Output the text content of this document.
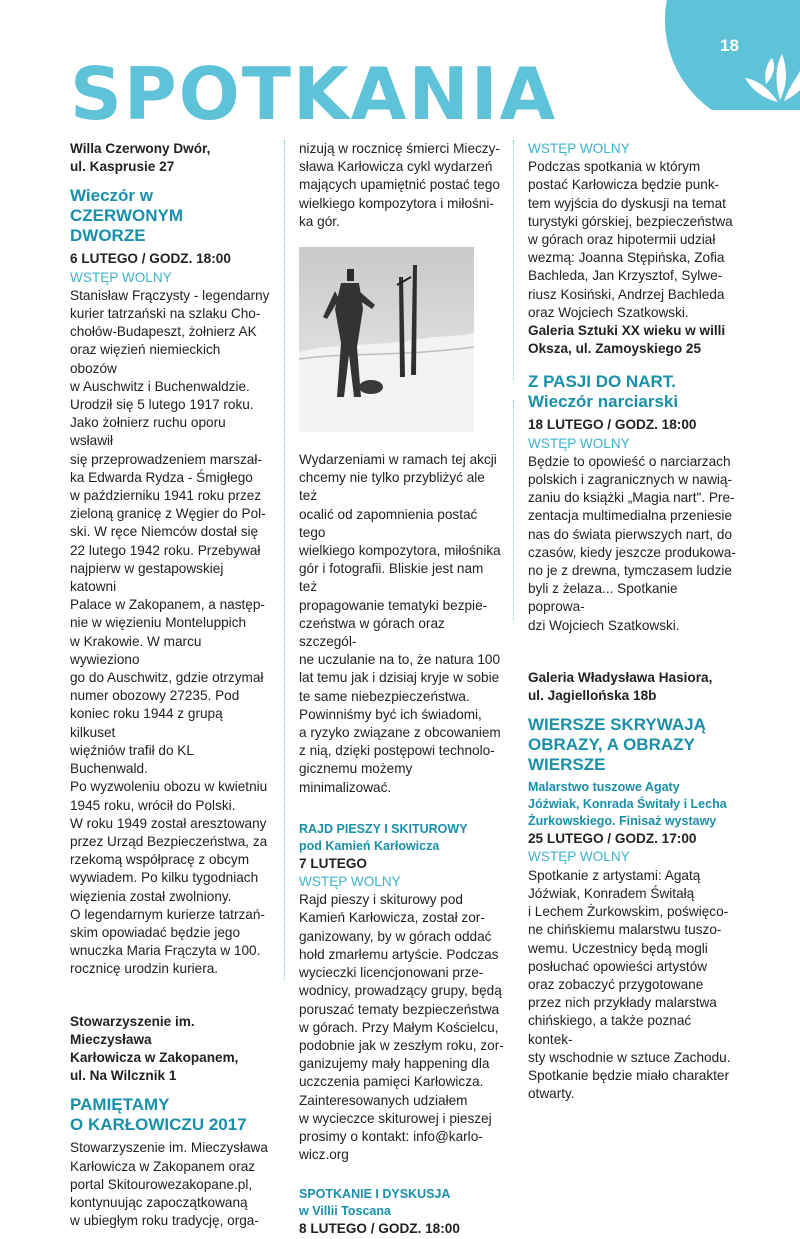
18
SPOTKANIA

Willa Czerwony Dwór,

ul. Kasprusie 27

Wieczór w CZERWONYM
DWORZE

6 LUTEGO / GODZ. 18:00

WSTĘP WOLNY

Stanisław Frączysty - legendarny

kurier tatrzański na szlaku Cho-

chołów-Budapeszt, żołnierz AK

oraz więzień niemieckich obozów

w Auschwitz i Buchenwaldzie.

Urodził się 5 lutego 1917 roku.

Jako żołnierz ruchu oporu wsławił

się przeprowadzeniem marszał-

ka Edwarda Rydza - Śmigłego

w październiku 1941 roku przez

zieloną granicę z Węgier do Pol-

ski. W ręce Niemców dostał się

22 lutego 1942 roku. Przebywał

najpierw w gestapowskiej katowni

Palace w Zakopanem, a następ-

nie w więzieniu Monteluppich

w Krakowie. W marcu wywieziono

go do Auschwitz, gdzie otrzymał

numer obozowy 27235. Pod

koniec roku 1944 z grupą kilkuset

więźniów trafił do KL Buchenwald.

Po wyzwoleniu obozu w kwietniu

1945 roku, wrócił do Polski.

W roku 1949 został aresztowany

przez Urząd Bezpieczeństwa, za

rzekomą współpracę z obcym

wywiadem. Po kilku tygodniach

więzienia został zwolniony.

O legendarnym kurierze tatrzań-

skim opowiadać będzie jego

wnuczka Maria Frączyta w 100.

rocznicę urodzin kuriera.

Stowarzyszenie im. Mieczysława

Karłowicza w Zakopanem,

ul. Na Wilcznik 1

PAMIĘTAMY
O KARŁOWICZU 2017

Stowarzyszenie im. Mieczysława

Karłowicza w Zakopanem oraz

portal Skitourowezakopane.pl,

kontynuując zapoczątkowaną

w ubiegłym roku tradycję, orga-

nizują w rocznicę śmierci Mieczy-

sława Karłowicza cykl wydarzeń

mających upamiętnić postać tego

wielkiego kompozytora i miłośni-

ka gór.

Wydarzeniami w ramach tej akcji

chcemy nie tylko przybliżyć ale też

ocalić od zapomnienia postać tego

wielkiego kompozytora, miłośnika

gór i fotografii. Bliskie jest nam też

propagowanie tematyki bezpie-

czeństwa w górach oraz szczegól-

ne uczulanie na to, że natura 100

lat temu jak i dzisiaj kryje w sobie

te same niebezpieczeństwa.

Powinniśmy być ich świadomi,

a ryzyko związane z obcowaniem

z nią, dzięki postępowi technolo-

gicznemu możemy minimalizować.

RAJD PIESZY I SKITUROWY

pod Kamień Karłowicza

7 LUTEGO

WSTĘP WOLNY

Rajd pieszy i skiturowy pod

Kamień Karłowicza, został zor-

ganizowany, by w górach oddać

hołd zmarłemu artyście. Podczas

wycieczki licencjonowani prze-

wodnicy, prowadzący grupy, będą

poruszać tematy bezpieczeństwa

w górach. Przy Małym Kościelcu,

podobnie jak w zeszłym roku, zor-

ganizujemy mały happening dla

uczczenia pamięci Karłowicza.

Zainteresowanych udziałem

w wycieczce skiturowej i pieszej

prosimy o kontakt: info@karlo-

wicz.org

SPOTKANIE I DYSKUSJA

w Villii Toscana

8 LUTEGO / GODZ. 18:00

WSTĘP WOLNY

Podczas spotkania w którym

postać Karłowicza będzie punk-

tem wyjścia do dyskusji na temat

turystyki górskiej, bezpieczeństwa

w górach oraz hipotermii udział

wezmą: Joanna Stępińska, Zofia

Bachleda, Jan Krzysztof, Sylwe-

riusz Kosiński, Andrzej Bachleda

oraz Wojciech Szatkowski.

Galeria Sztuki XX wieku w willi

Oksza, ul. Zamoyskiego 25

Z PASJI DO NART.
Wieczór narciarski

18 LUTEGO / GODZ. 18:00

WSTĘP WOLNY

Będzie to opowieść o narciarzach

polskich i zagranicznych w nawią-

zaniu do książki „Magia nart". Pre-

zentacja multimedialna przeniesie

nas do świata pierwszych nart, do

czasów, kiedy jeszcze produkowa-

no je z drewna, tymczasem ludzie

byli z żelaza... Spotkanie poprowa-

dzi Wojciech Szatkowski.

Galeria Władysława Hasiora,

ul. Jagiellońska 18b

WIERSZE SKRYWAJĄ
OBRAZY, A OBRAZY
WIERSZE

Malarstwo tuszowe Agaty

Jóźwiak, Konrada Świtały i Lecha

Żurkowskiego. Finisaż wystawy

25 LUTEGO / GODZ. 17:00

WSTĘP WOLNY

Spotkanie z artystami: Agatą

Jóźwiak, Konradem Świtałą

i Lechem Żurkowskim, poświęco-

ne chińskiemu malarstwu tuszo-

wemu. Uczestnicy będą mogli

posłuchać opowieści artystów

oraz zobaczyć przygotowane

przez nich przykłady malarstwa

chińskiego, a także poznać kontek-

sty wschodnie w sztuce Zachodu.

Spotkanie będzie miało charakter

otwarty.
